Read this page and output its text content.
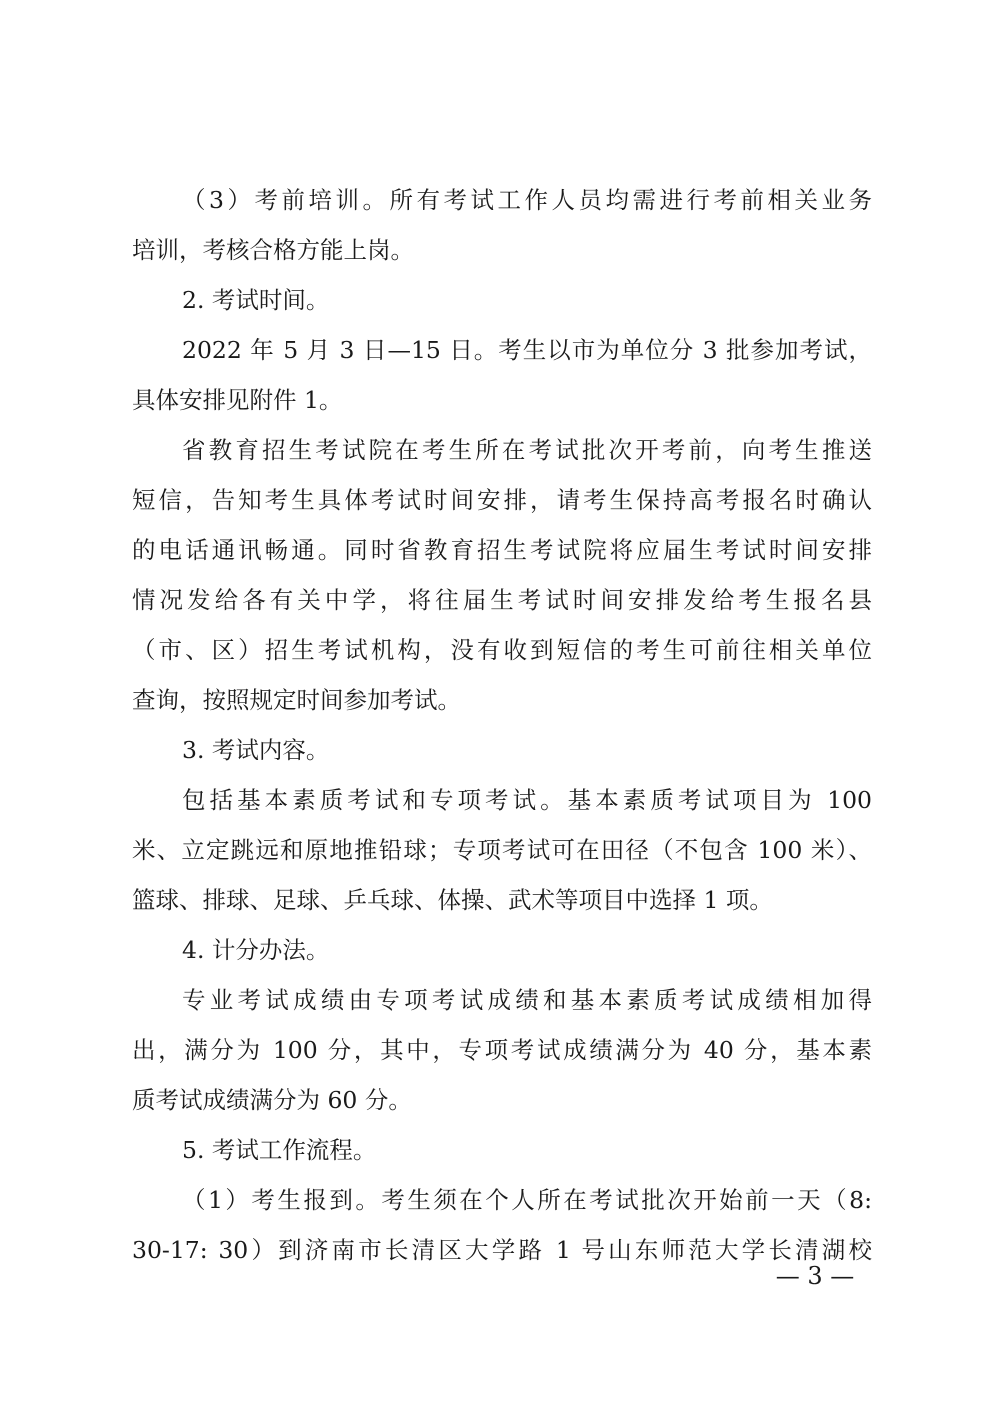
（3）考前培训。所有考试工作人员均需进行考前相关业务
培训，考核合格方能上岗。
2. 考试时间。
2022 年 5 月 3 日—15 日。考生以市为单位分 3 批参加考试，
具体安排见附件 1。
省教育招生考试院在考生所在考试批次开考前，向考生推送
短信，告知考生具体考试时间安排，请考生保持高考报名时确认
的电话通讯畅通。同时省教育招生考试院将应届生考试时间安排
情况发给各有关中学，将往届生考试时间安排发给考生报名县
（市、区）招生考试机构，没有收到短信的考生可前往相关单位
查询，按照规定时间参加考试。
3. 考试内容。
包括基本素质考试和专项考试。基本素质考试项目为 100
米、立定跳远和原地推铅球；专项考试可在田径（不包含 100 米）、
篮球、排球、足球、乒乓球、体操、武术等项目中选择 1 项。
4. 计分办法。
专业考试成绩由专项考试成绩和基本素质考试成绩相加得
出，满分为 100 分，其中，专项考试成绩满分为 40 分，基本素
质考试成绩满分为 60 分。
5. 考试工作流程。
（1）考生报到。考生须在个人所在考试批次开始前一天（8:
30-17: 30）到济南市长清区大学路 1 号山东师范大学长清湖校
— 3 —
